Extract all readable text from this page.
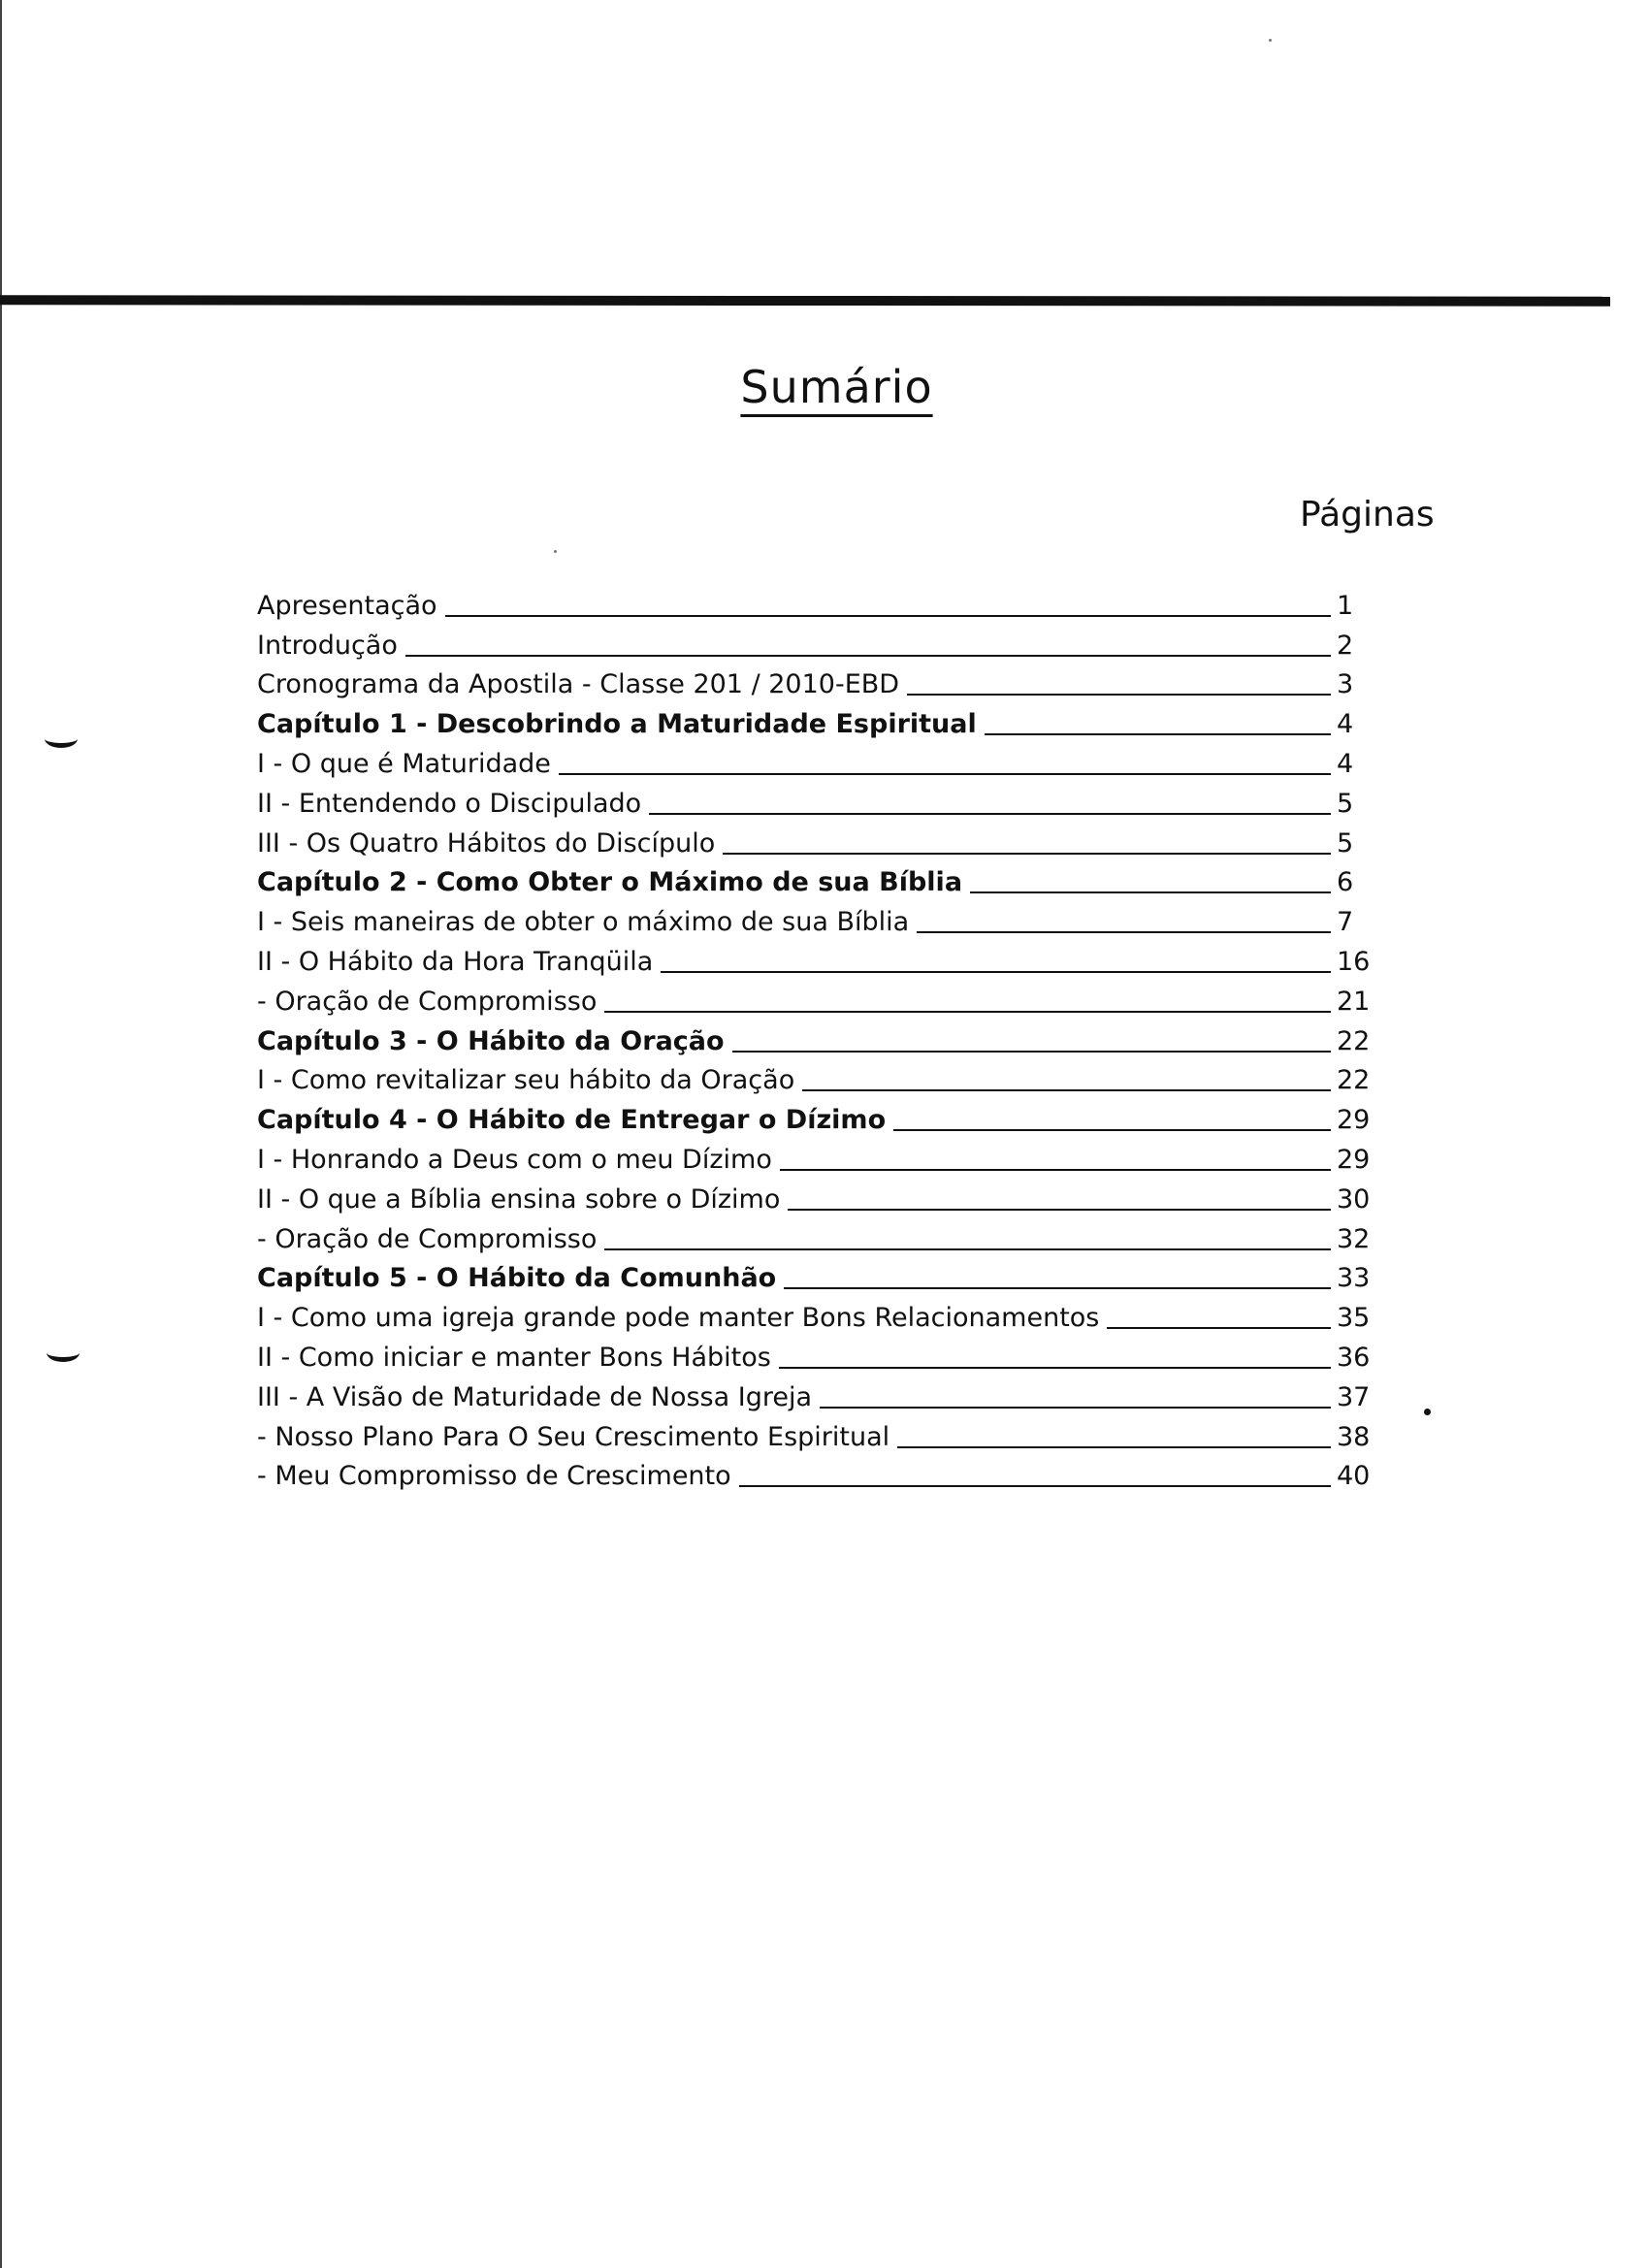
Sumário
Páginas
Apresentação	1
Introdução	2
Cronograma da Apostila - Classe 201 / 2010-EBD	3
Capítulo 1 - Descobrindo a Maturidade Espiritual	4
I - O que é Maturidade	4
II - Entendendo o Discipulado	5
III - Os Quatro Hábitos do Discípulo	5
Capítulo 2 - Como Obter o Máximo de sua Bíblia	6
I - Seis maneiras de obter o máximo de sua Bíblia	7
II - O Hábito da Hora Tranqüila	16
- Oração de Compromisso	21
Capítulo 3 - O Hábito da Oração	22
I - Como revitalizar seu hábito da Oração	22
Capítulo 4 - O Hábito de Entregar o Dízimo	29
I - Honrando a Deus com o meu Dízimo	29
II - O que a Bíblia ensina sobre o Dízimo	30
- Oração de Compromisso	32
Capítulo 5 - O Hábito da Comunhão	33
I - Como uma igreja grande pode manter Bons Relacionamentos	35
II - Como iniciar e manter Bons Hábitos	36
III - A Visão de Maturidade de Nossa Igreja	37
- Nosso Plano Para O Seu Crescimento Espiritual	38
- Meu Compromisso de Crescimento	40
